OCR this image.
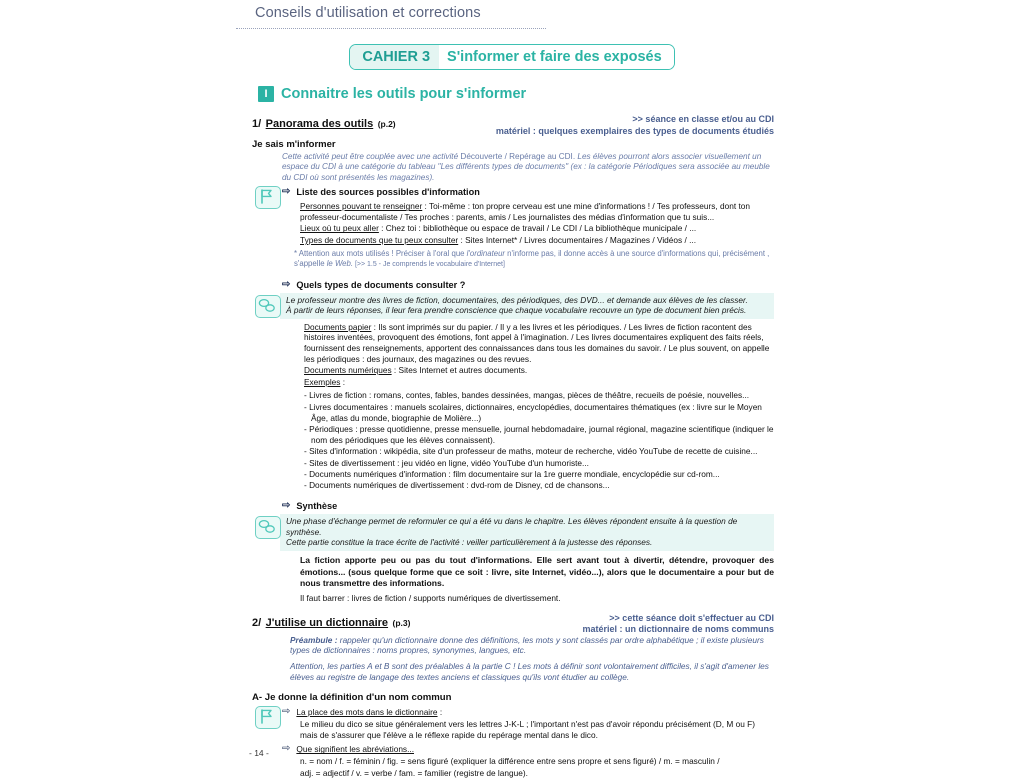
Conseils d'utilisation et corrections
CAHIER 3 S'informer et faire des exposés
I Connaitre les outils pour s'informer
1/ Panorama des outils (p.2)	>> séance en classe et/ou au CDI
matériel : quelques exemplaires des types de documents étudiés
Je sais m'informer
Cette activité peut être couplée avec une activité Découverte / Repérage au CDI. Les élèves pourront alors associer visuellement un espace du CDI à une catégorie du tableau "Les différents types de documents" (ex : la catégorie Périodiques sera associée au meuble du CDI où sont présentés les magazines).
⇨ Liste des sources possibles d'information
Personnes pouvant te renseigner : Toi-même : ton propre cerveau est une mine d'informations ! / Tes professeurs, dont ton professeur-documentaliste / Tes proches : parents, amis / Les journalistes des médias d'information que tu suis...
Lieux où tu peux aller : Chez toi : bibliothèque ou espace de travail / Le CDI / La bibliothèque municipale / ...
Types de documents que tu peux consulter : Sites Internet* / Livres documentaires / Magazines / Vidéos / ...
* Attention aux mots utilisés ! Préciser à l'oral que l'ordinateur n'informe pas, il donne accès à une source d'informations qui, précisément , s'appelle le Web. [>> 1.5 - Je comprends le vocabulaire d'Internet]
⇨ Quels types de documents consulter ?
Le professeur montre des livres de fiction, documentaires, des périodiques, des DVD... et demande aux élèves de les classer.
À partir de leurs réponses, il leur fera prendre conscience que chaque vocabulaire recouvre un type de document bien précis.
Documents papier : Ils sont imprimés sur du papier. / Il y a les livres et les périodiques. / Les livres de fiction racontent des histoires inventées, provoquent des émotions, font appel à l'imagination. / Les livres documentaires expliquent des faits réels, fournissent des renseignements, apportent des connaissances dans tous les domaines du savoir. / Le plus souvent, on appelle les périodiques : des journaux, des magazines ou des revues.
Documents numériques : Sites Internet et autres documents.
Exemples :
- Livres de fiction : romans, contes, fables, bandes dessinées, mangas, pièces de théâtre, recueils de poésie, nouvelles...
- Livres documentaires : manuels scolaires, dictionnaires, encyclopédies, documentaires thématiques (ex : livre sur le Moyen Âge, atlas du monde, biographie de Molière...)
- Périodiques : presse quotidienne, presse mensuelle, journal hebdomadaire, journal régional, magazine scientifique (indiquer le nom des périodiques que les élèves connaissent).
- Sites d'information : wikipédia, site d'un professeur de maths, moteur de recherche, vidéo YouTube de recette de cuisine...
- Sites de divertissement : jeu vidéo en ligne, vidéo YouTube d'un humoriste...
- Documents numériques d'information : film documentaire sur la 1re guerre mondiale, encyclopédie sur cd-rom...
- Documents numériques de divertissement : dvd-rom de Disney, cd de chansons...
⇨ Synthèse
Une phase d'échange permet de reformuler ce qui a été vu dans le chapitre. Les élèves répondent ensuite à la question de synthèse.
Cette partie constitue la trace écrite de l'activité : veiller particulièrement à la justesse des réponses.
La fiction apporte peu ou pas du tout d'informations. Elle sert avant tout à divertir, détendre, provoquer des émotions... (sous quelque forme que ce soit : livre, site Internet, vidéo...), alors que le documentaire a pour but de nous transmettre des informations.
Il faut barrer : livres de fiction / supports numériques de divertissement.
2/ J'utilise un dictionnaire (p.3)	>> cette séance doit s'effectuer au CDI
matériel : un dictionnaire de noms communs
Préambule : rappeler qu'un dictionnaire donne des définitions, les mots y sont classés par ordre alphabétique ; il existe plusieurs types de dictionnaires : noms propres, synonymes, langues, etc.
Attention, les parties A et B sont des préalables à la partie C ! Les mots à définir sont volontairement difficiles, il s'agit d'amener les élèves au registre de langage des textes anciens et classiques qu'ils vont étudier au collège.
A- Je donne la définition d'un nom commun
⇨ La place des mots dans le dictionnaire :
Le milieu du dico se situe généralement vers les lettres J-K-L ; l'important n'est pas d'avoir répondu précisément (D, M ou F) mais de s'assurer que l'élève a le réflexe rapide du repérage mental dans le dico.
⇨ Que signifient les abréviations...
n. = nom / f. = féminin / fig. = sens figuré (expliquer la différence entre sens propre et sens figuré) / m. = masculin /
adj. = adjectif / v. = verbe / fam. = familier (registre de langue).
- 14 -
